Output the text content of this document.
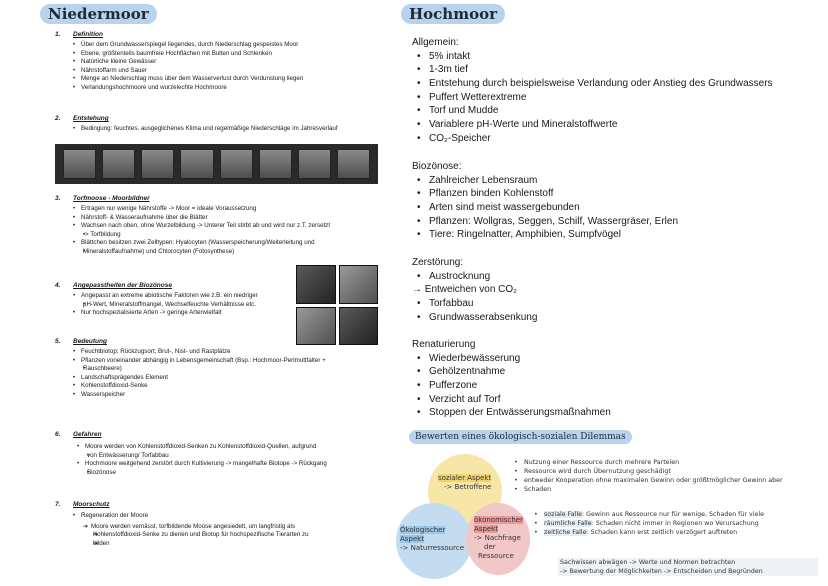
Niedermoor
1.	Definition
• Über dem Grundwasserspiegel liegendes, durch Niederschlag gespeistes Moor
• Ebene, größtenteils baumfreie Hochflächen mit Bulten und Schlenken
• Natürliche kleine Gewässer
• Nährstoffarm und Sauer
• Menge an Niederschlag muss über dem Wasserverlust durch Verdunstung liegen
• Verlandungshochmoore und wurzelechte Hochmoore
2.	Entstehung
• Bedingung: feuchtes, ausgeglichenes Klima und regelmäßige Niederschläge im Jahresverlauf
3.	Torfmoose - Moorbildner
• Ertragen nur wenige Nährstoffe -> Moor = ideale Voraussetzung
• Nährstoff- & Wasseraufnahme über die Blätter
• Wachsen nach oben, ohne Wurzelbildung -> Unterer Teil stirbt ab und wird nur z.T. zersetzt
• -> Torfbildung
• Blättchen besitzen zwei Zelltypen: Hyalocyten (Wasserspeicherung/Weiterleitung und
• Mineralstoffaufnahme) und Chlorocyten (Fotosynthese)
4.	Angepasstheiten der Biozönose
• Angepasst an extreme abiotische Faktoren wie z.B. ein niedriger
• pH-Wert, Mineralstoffmangel, Wechselfeuchte Verhältnisse etc.
• Nur hochspezialisierte Arten -> geringe Artenvielfalt
5.	Bedeutung
• Feuchtbiotop; Rückzugsort; Brut-, Nist- und Rastplätze
• Pflanzen voneinander abhängig in Lebensgemeinschaft (Bsp.: Hochmoor-Perlmuttfalter +
• Rauschbeere)
• Landschaftsprägendes Element
• Kohlenstoffdioxid-Senke
• Wasserspeicher
6.	Gefahren
• Moore werden von Kohlenstoffdioxid-Senken zu Kohlenstoffdioxid-Quellen, aufgrund
• von Entwässerung/ Torfabbau
• Hochmoore weitgehend zerstört durch Kultivierung -> mangelhafte Biotope -> Rückgang
• Biozönose
7.	Moorschutz
• Regeneration der Moore
➔ Moore werden vernässt, torfbildende Moose angesiedelt, um langfristig als
➔ Kohlenstoffdioxid-Senke zu dienen und Biotop für hochspezifische Tierarten zu
➔ bilden
Hochmoor
Allgemein:
• 5% intakt
• 1-3m tief
• Entstehung durch beispielsweise Verlandung oder Anstieg des Grundwassers
• Puffert Wetterextreme
• Torf und Mudde
• Variablere pH-Werte und Mineralstoffwerte
• CO₂-Speicher
Biozönose:
• Zahlreicher Lebensraum
• Pflanzen binden Kohlenstoff
• Arten sind meist wassergebunden
• Pflanzen: Wollgras, Seggen, Schilf, Wassergräser, Erlen
• Tiere: Ringelnatter, Amphibien, Sumpfvögel
Zerstörung:
• Austrocknung
→ Entweichen von CO₂
• Torfabbau
• Grundwasserabsenkung
Renaturierung
• Wiederbewässerung
• Gehölzentnahme
• Pufferzone
• Verzicht auf Torf
• Stoppen der Entwässerungsmaßnahmen
Bewerten eines ökologisch-sozialen Dilemmas
sozialer Aspekt
-> Betroffene
Ökologischer
Aspekt
-> Naturressource
ökonomischer
Aspekt
-> Nachfrage
der
Ressource
• Nutzung einer Ressource durch mehrere Parteien
• Ressource wird durch Übernutzung geschädigt
• entweder Kooperation ohne maximalen Gewinn oder größtmöglicher Gewinn aber
• Schaden
• soziale Falle: Gewinn aus Ressource nur für wenige, Schaden für viele
• räumliche Falle: Schaden nicht immer in Regionen wo Verursachung
• zeitliche Falle: Schaden kann erst zeitlich verzögert auftreten
Sachwissen abwägen -> Werte und Normen betrachten
-> Bewertung der Möglichkeiten -> Entscheiden und Begründen
